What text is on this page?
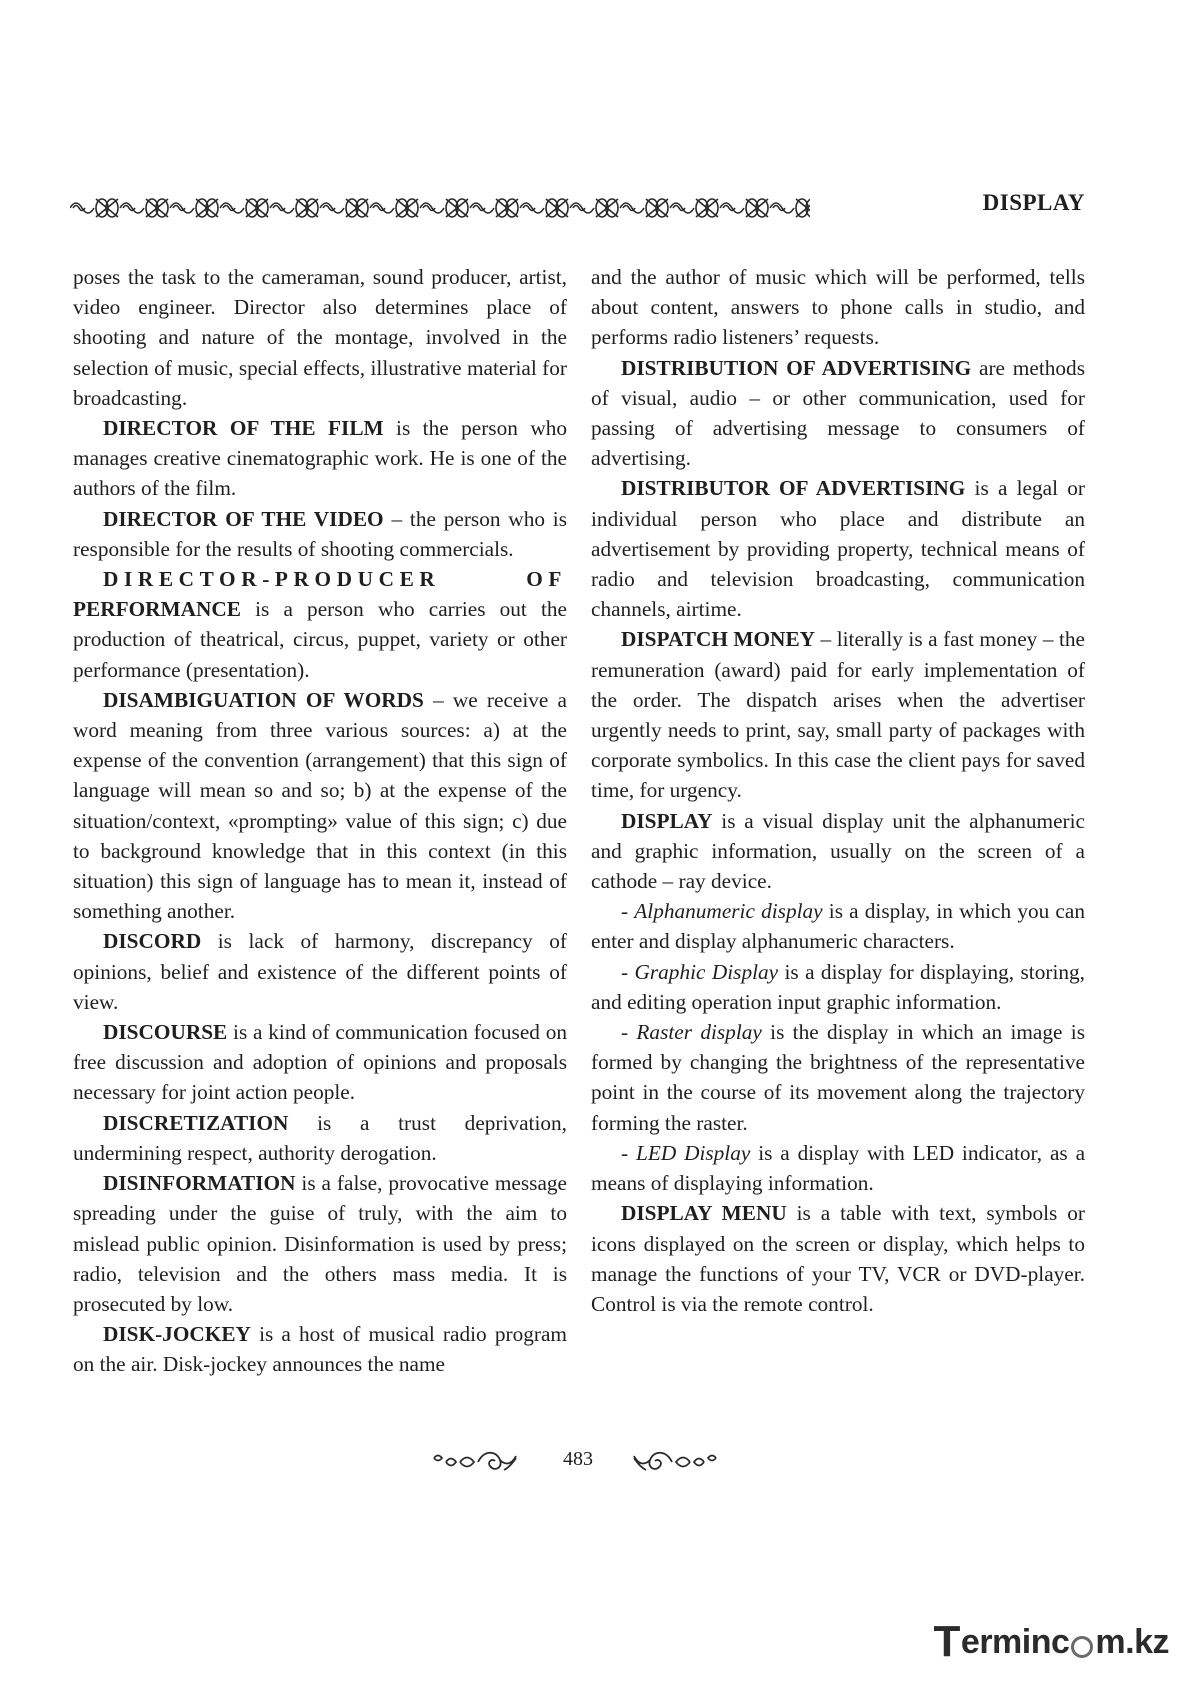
DISPLAY

poses the task to the cameraman, sound producer, artist, video engineer. Director also determines place of shooting and nature of the montage, involved in the selection of music, special effects, illustrative material for broadcasting.

DIRECTOR OF THE FILM is the person who manages creative cinematographic work. He is one of the authors of the film.

DIRECTOR OF THE VIDEO – the person who is responsible for the results of shooting commercials.

DIRECTOR-PRODUCER OF PERFORMANCE is a person who carries out the production of theatrical, circus, puppet, variety or other performance (presentation).

DISAMBIGUATION OF WORDS – we receive a word meaning from three various sources: a) at the expense of the convention (arrangement) that this sign of language will mean so and so; b) at the expense of the situation/context, «prompting» value of this sign; c) due to background knowledge that in this context (in this situation) this sign of language has to mean it, instead of something another.

DISCORD is lack of harmony, discrepancy of opinions, belief and existence of the different points of view.

DISCOURSE is a kind of communication focused on free discussion and adoption of opinions and proposals necessary for joint action people.

DISCRETIZATION is a trust deprivation, undermining respect, authority derogation.

DISINFORMATION is a false, provocative message spreading under the guise of truly, with the aim to mislead public opinion. Disinformation is used by press; radio, television and the others mass media. It is prosecuted by low.

DISK-JOCKEY is a host of musical radio program on the air. Disk-jockey announces the name

and the author of music which will be performed, tells about content, answers to phone calls in studio, and performs radio listeners’ requests.

DISTRIBUTION OF ADVERTISING are methods of visual, audio – or other communication, used for passing of advertising message to consumers of advertising.

DISTRIBUTOR OF ADVERTISING is a legal or individual person who place and distribute an advertisement by providing property, technical means of radio and television broadcasting, communication channels, airtime.

DISPATCH MONEY – literally is a fast money – the remuneration (award) paid for early implementation of the order. The dispatch arises when the advertiser urgently needs to print, say, small party of packages with corporate symbolics. In this case the client pays for saved time, for urgency.

DISPLAY is a visual display unit the alphanumeric and graphic information, usually on the screen of a cathode – ray device.

- Alphanumeric display is a display, in which you can enter and display alphanumeric characters.

- Graphic Display is a display for displaying, storing, and editing operation input graphic information.

- Raster display is the display in which an image is formed by changing the brightness of the representative point in the course of its movement along the trajectory forming the raster.

- LED Display is a display with LED indicator, as a means of displaying information.

DISPLAY MENU is a table with text, symbols or icons displayed on the screen or display, which helps to manage the functions of your TV, VCR or DVD-player. Control is via the remote control.

483
T erminc m.kz
